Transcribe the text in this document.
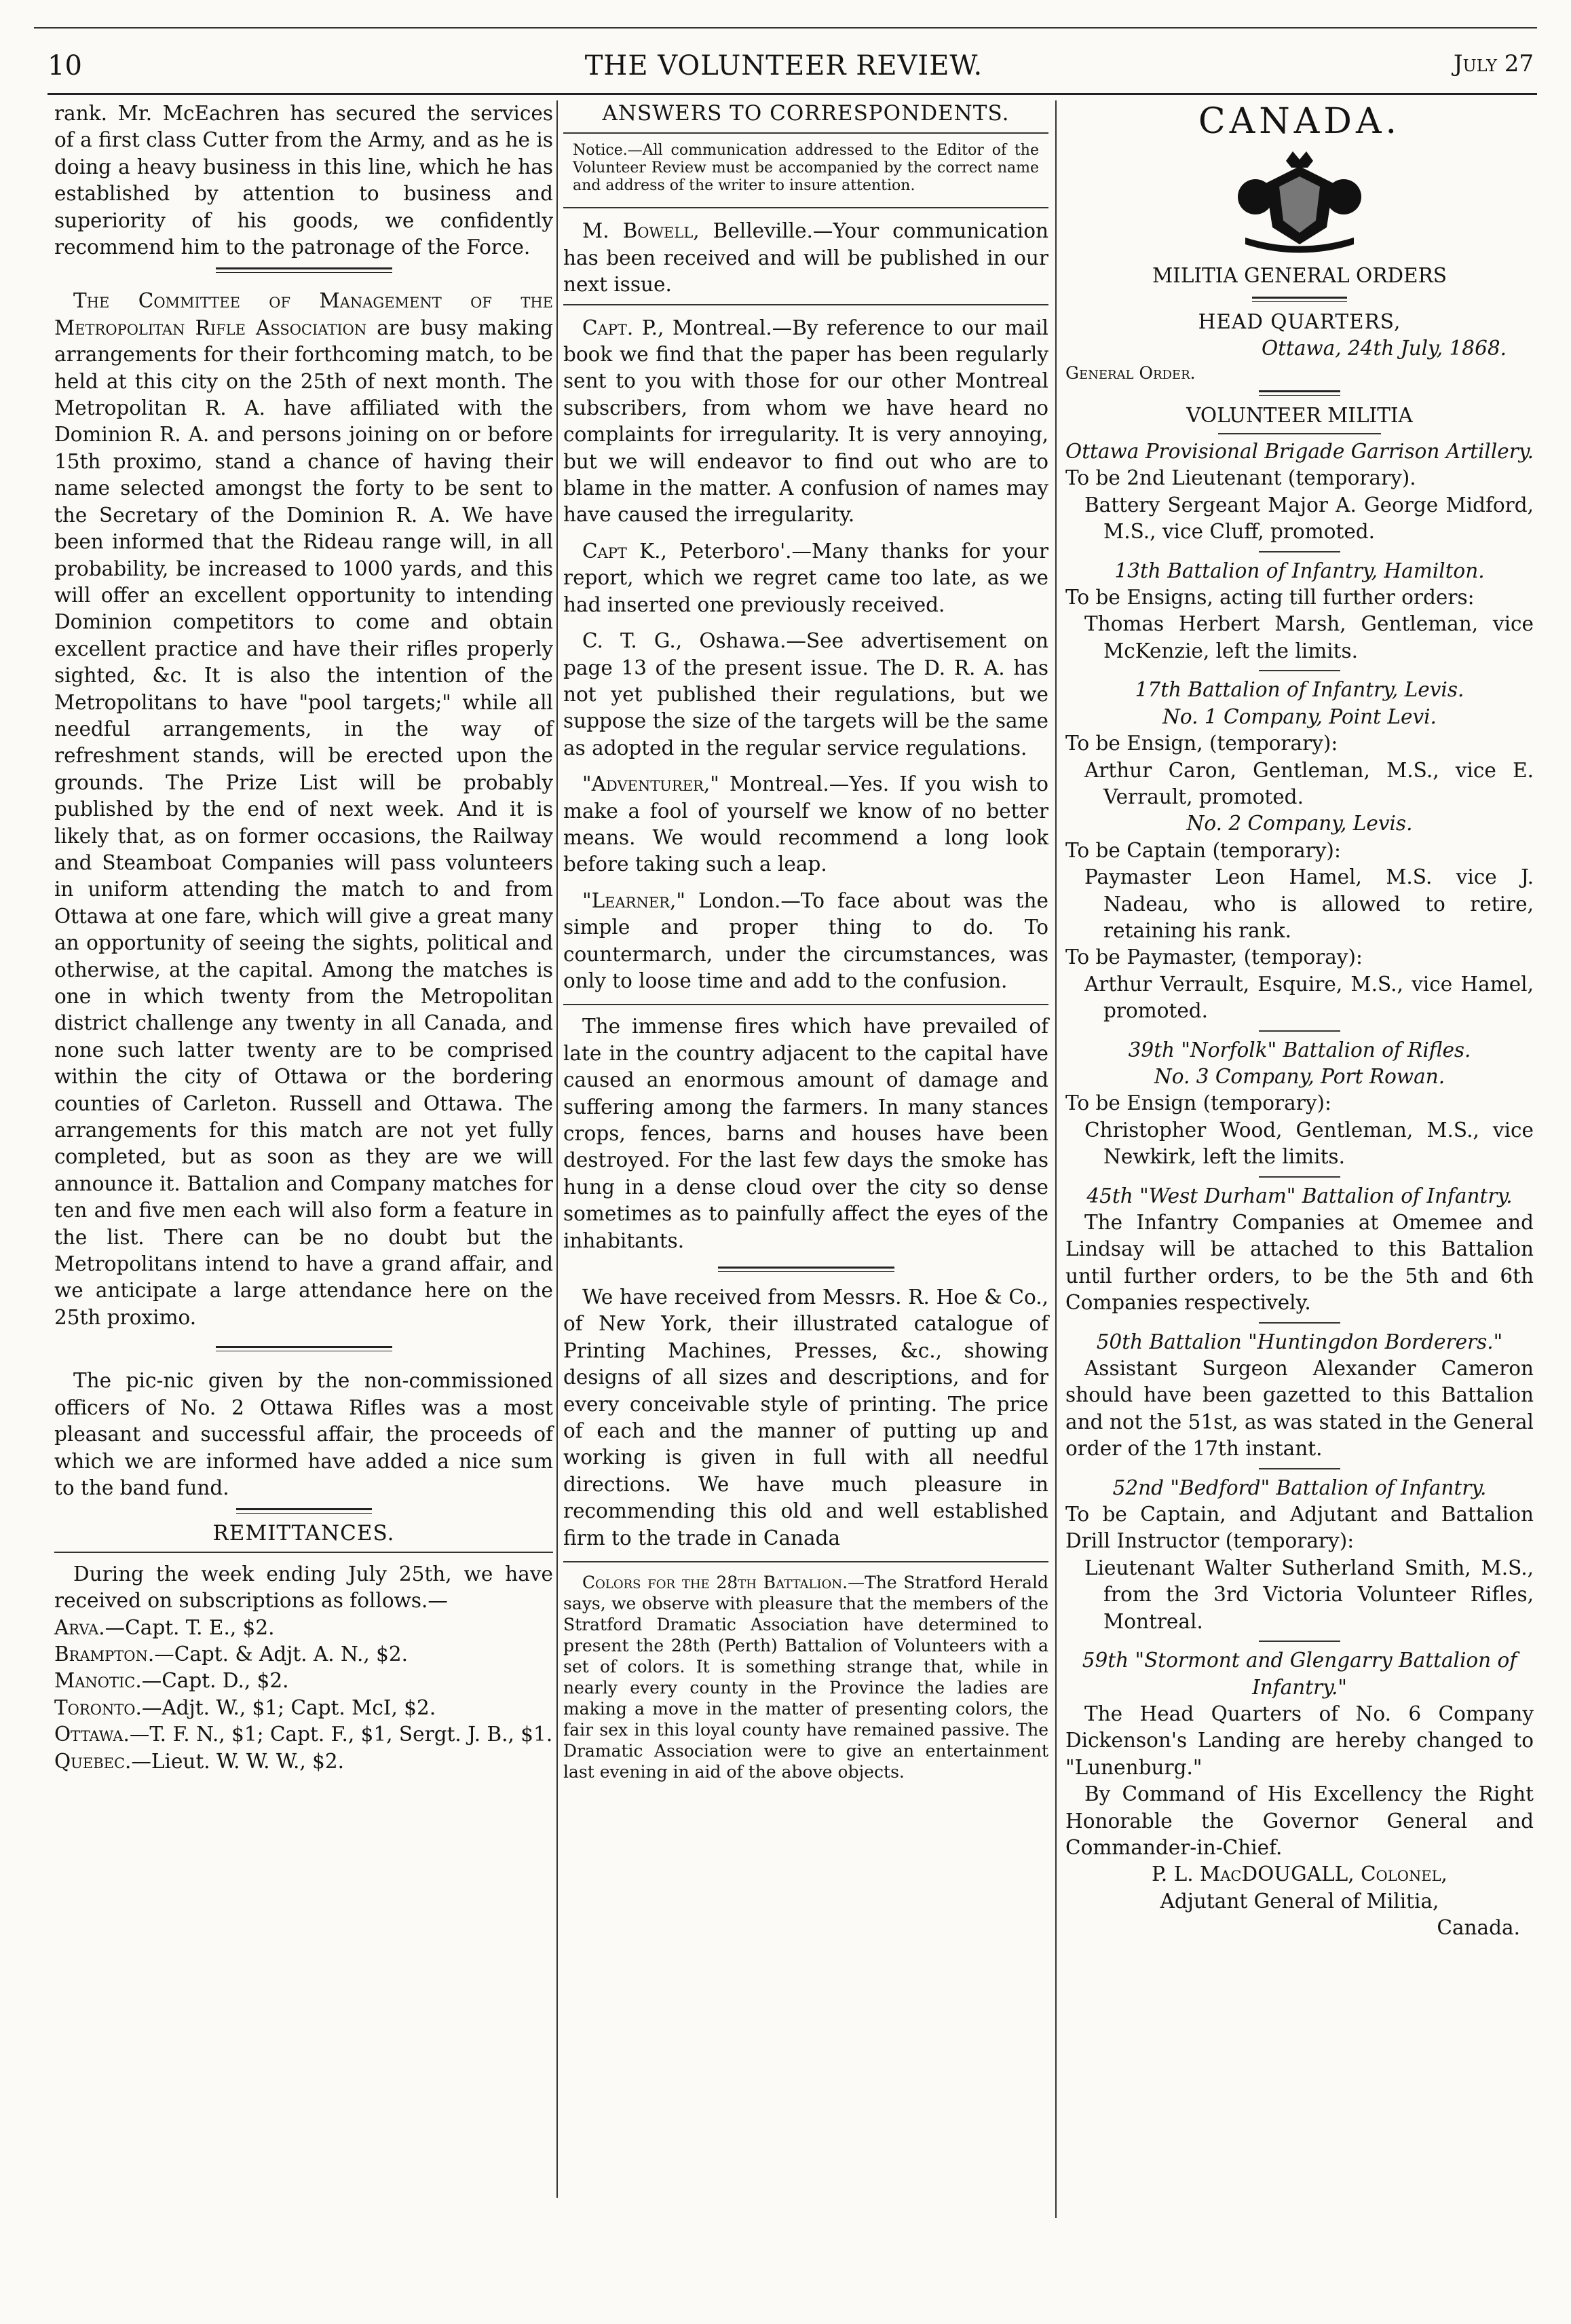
10	THE VOLUNTEER REVIEW.	July 27

rank. Mr. McEachren has secured the services of a first class Cutter from the Army, and as he is doing a heavy business in this line, which he has established by attention to business and superiority of his goods, we confidently recommend him to the patronage of the Force.

The Committee of Management of the Metropolitan Rifle Association are busy making arrangements for their forthcoming match, to be held at this city on the 25th of next month. The Metropolitan R. A. have affiliated with the Dominion R. A. and persons joining on or before 15th proximo, stand a chance of having their name selected amongst the forty to be sent to the Secretary of the Dominion R. A. We have been informed that the Rideau range will, in all probability, be increased to 1000 yards, and this will offer an excellent opportunity to intending Dominion competitors to come and obtain excellent practice and have their rifles properly sighted, &c. It is also the intention of the Metropolitans to have "pool targets;" while all needful arrangements, in the way of refreshment stands, will be erected upon the grounds. The Prize List will be probably published by the end of next week. And it is likely that, as on former occasions, the Railway and Steamboat Companies will pass volunteers in uniform attending the match to and from Ottawa at one fare, which will give a great many an opportunity of seeing the sights, political and otherwise, at the capital. Among the matches is one in which twenty from the Metropolitan district challenge any twenty in all Canada, and none such latter twenty are to be comprised within the city of Ottawa or the bordering counties of Carleton. Russell and Ottawa. The arrangements for this match are not yet fully completed, but as soon as they are we will announce it. Battalion and Company matches for ten and five men each will also form a feature in the list. There can be no doubt but the Metropolitans intend to have a grand affair, and we anticipate a large attendance here on the 25th proximo.

The pic-nic given by the non-commissioned officers of No. 2 Ottawa Rifles was a most pleasant and successful affair, the proceeds of which we are informed have added a nice sum to the band fund.

REMITTANCES.

During the week ending July 25th, we have received on subscriptions as follows.—

Arva.—Capt. T. E., $2.

Brampton.—Capt. & Adjt. A. N., $2.

Manotic.—Capt. D., $2.

Toronto.—Adjt. W., $1; Capt. McI, $2.

Ottawa.—T. F. N., $1; Capt. F., $1, Sergt. J. B., $1.

Quebec.—Lieut. W. W. W., $2.

ANSWERS TO CORRESPONDENTS.

Notice.—All communication addressed to the Editor of the Volunteer Review must be accompanied by the correct name and address of the writer to insure attention.

M. Bowell, Belleville.—Your communication has been received and will be published in our next issue.

Capt. P., Montreal.—By reference to our mail book we find that the paper has been regularly sent to you with those for our other Montreal subscribers, from whom we have heard no complaints for irregularity. It is very annoying, but we will endeavor to find out who are to blame in the matter. A confusion of names may have caused the irregularity.

Capt K., Peterboro'.—Many thanks for your report, which we regret came too late, as we had inserted one previously received.

C. T. G., Oshawa.—See advertisement on page 13 of the present issue. The D. R. A. has not yet published their regulations, but we suppose the size of the targets will be the same as adopted in the regular service regulations.

"Adventurer," Montreal.—Yes. If you wish to make a fool of yourself we know of no better means. We would recommend a long look before taking such a leap.

"Learner," London.—To face about was the simple and proper thing to do. To countermarch, under the circumstances, was only to loose time and add to the confusion.

The immense fires which have prevailed of late in the country adjacent to the capital have caused an enormous amount of damage and suffering among the farmers. In many stances crops, fences, barns and houses have been destroyed. For the last few days the smoke has hung in a dense cloud over the city so dense sometimes as to painfully affect the eyes of the inhabitants.

We have received from Messrs. R. Hoe & Co., of New York, their illustrated catalogue of Printing Machines, Presses, &c., showing designs of all sizes and descriptions, and for every conceivable style of printing. The price of each and the manner of putting up and working is given in full with all needful directions. We have much pleasure in recommending this old and well established firm to the trade in Canada

Colors for the 28th Battalion.—The Stratford Herald says, we observe with pleasure that the members of the Stratford Dramatic Association have determined to present the 28th (Perth) Battalion of Volunteers with a set of colors. It is something strange that, while in nearly every county in the Province the ladies are making a move in the matter of presenting colors, the fair sex in this loyal county have remained passive. The Dramatic Association were to give an entertainment last evening in aid of the above objects.

CANADA.
MILITIA GENERAL ORDERS
HEAD QUARTERS,
Ottawa, 24th July, 1868.
General Order.
VOLUNTEER MILITIA
Ottawa Provisional Brigade Garrison Artillery.

To be 2nd Lieutenant (temporary).

Battery Sergeant Major A. George Midford, M.S., vice Cluff, promoted.

13th Battalion of Infantry, Hamilton.

To be Ensigns, acting till further orders:

Thomas Herbert Marsh, Gentleman, vice McKenzie, left the limits.

17th Battalion of Infantry, Levis.
No. 1 Company, Point Levi.

To be Ensign, (temporary):

Arthur Caron, Gentleman, M.S., vice E. Verrault, promoted.

No. 2 Company, Levis.

To be Captain (temporary):

Paymaster Leon Hamel, M.S. vice J. Nadeau, who is allowed to retire, retaining his rank.

To be Paymaster, (temporay):

Arthur Verrault, Esquire, M.S., vice Hamel, promoted.

39th "Norfolk" Battalion of Rifles.
No. 3 Company, Port Rowan.

To be Ensign (temporary):

Christopher Wood, Gentleman, M.S., vice Newkirk, left the limits.

45th "West Durham" Battalion of Infantry.

The Infantry Companies at Omemee and Lindsay will be attached to this Battalion until further orders, to be the 5th and 6th Companies respectively.

50th Battalion "Huntingdon Borderers."

Assistant Surgeon Alexander Cameron should have been gazetted to this Battalion and not the 51st, as was stated in the General order of the 17th instant.

52nd "Bedford" Battalion of Infantry.

To be Captain, and Adjutant and Battalion Drill Instructor (temporary):

Lieutenant Walter Sutherland Smith, M.S., from the 3rd Victoria Volunteer Rifles, Montreal.

59th "Stormont and Glengarry Battalion of Infantry."

The Head Quarters of No. 6 Company Dickenson's Landing are hereby changed to "Lunenburg."

By Command of His Excellency the Right Honorable the Governor General and Commander-in-Chief.

P. L. MacDOUGALL, Colonel,

Adjutant General of Militia,

Canada.
